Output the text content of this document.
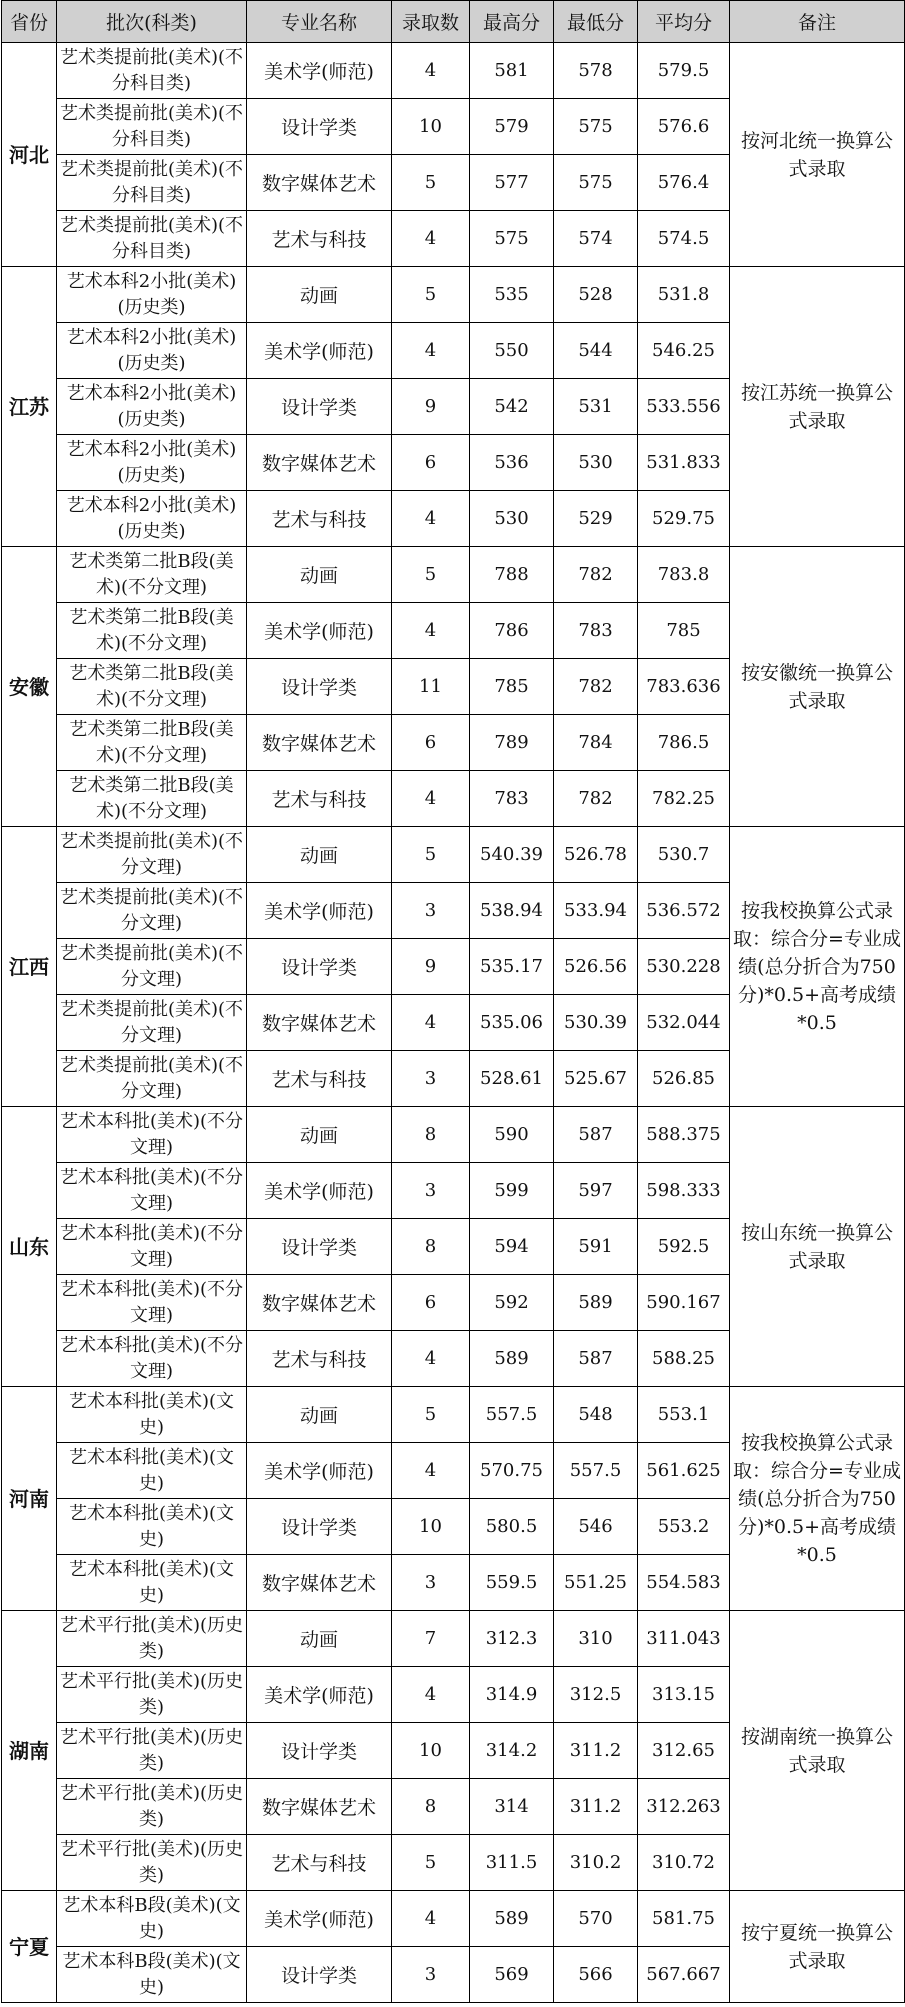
省份	批次(科类)	专业名称	录取数	最高分	最低分	平均分	备注
河北	艺术类提前批(美术)(不分科目类)	美术学(师范)	4	581	578	579.5	按河北统一换算公式录取
	艺术类提前批(美术)(不分科目类)	设计学类	10	579	575	576.6	
	艺术类提前批(美术)(不分科目类)	数字媒体艺术	5	577	575	576.4	
	艺术类提前批(美术)(不分科目类)	艺术与科技	4	575	574	574.5	
江苏	艺术本科2小批(美术)(历史类)	动画	5	535	528	531.8	按江苏统一换算公式录取
	艺术本科2小批(美术)(历史类)	美术学(师范)	4	550	544	546.25	
	艺术本科2小批(美术)(历史类)	设计学类	9	542	531	533.556	
	艺术本科2小批(美术)(历史类)	数字媒体艺术	6	536	530	531.833	
	艺术本科2小批(美术)(历史类)	艺术与科技	4	530	529	529.75	
安徽	艺术类第二批B段(美术)(不分文理)	动画	5	788	782	783.8	按安徽统一换算公式录取
	艺术类第二批B段(美术)(不分文理)	美术学(师范)	4	786	783	785	
	艺术类第二批B段(美术)(不分文理)	设计学类	11	785	782	783.636	
	艺术类第二批B段(美术)(不分文理)	数字媒体艺术	6	789	784	786.5	
	艺术类第二批B段(美术)(不分文理)	艺术与科技	4	783	782	782.25	
江西	艺术类提前批(美术)(不分文理)	动画	5	540.39	526.78	530.7	按我校换算公式录取：综合分=专业成绩(总分折合为750分)*0.5+高考成绩*0.5
	艺术类提前批(美术)(不分文理)	美术学(师范)	3	538.94	533.94	536.572	
	艺术类提前批(美术)(不分文理)	设计学类	9	535.17	526.56	530.228	
	艺术类提前批(美术)(不分文理)	数字媒体艺术	4	535.06	530.39	532.044	
	艺术类提前批(美术)(不分文理)	艺术与科技	3	528.61	525.67	526.85	
山东	艺术本科批(美术)(不分文理)	动画	8	590	587	588.375	按山东统一换算公式录取
	艺术本科批(美术)(不分文理)	美术学(师范)	3	599	597	598.333	
	艺术本科批(美术)(不分文理)	设计学类	8	594	591	592.5	
	艺术本科批(美术)(不分文理)	数字媒体艺术	6	592	589	590.167	
	艺术本科批(美术)(不分文理)	艺术与科技	4	589	587	588.25	
河南	艺术本科批(美术)(文史)	动画	5	557.5	548	553.1	按我校换算公式录取：综合分=专业成绩(总分折合为750分)*0.5+高考成绩*0.5
	艺术本科批(美术)(文史)	美术学(师范)	4	570.75	557.5	561.625	
	艺术本科批(美术)(文史)	设计学类	10	580.5	546	553.2	
	艺术本科批(美术)(文史)	数字媒体艺术	3	559.5	551.25	554.583	
湖南	艺术平行批(美术)(历史类)	动画	7	312.3	310	311.043	按湖南统一换算公式录取
	艺术平行批(美术)(历史类)	美术学(师范)	4	314.9	312.5	313.15	
	艺术平行批(美术)(历史类)	设计学类	10	314.2	311.2	312.65	
	艺术平行批(美术)(历史类)	数字媒体艺术	8	314	311.2	312.263	
	艺术平行批(美术)(历史类)	艺术与科技	5	311.5	310.2	310.72	
宁夏	艺术本科B段(美术)(文史)	美术学(师范)	4	589	570	581.75	按宁夏统一换算公式录取
	艺术本科B段(美术)(文史)	设计学类	3	569	566	567.667	
